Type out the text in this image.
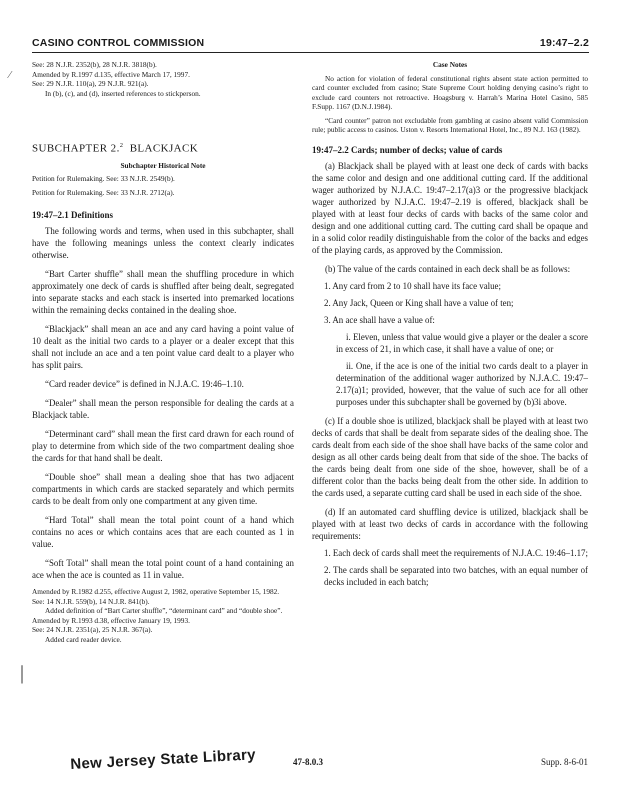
CASINO CONTROL COMMISSION	19:47–2.2
⁄
|

See: 28 N.J.R. 2352(b), 28 N.J.R. 3818(b).

Amended by R.1997 d.135, effective March 17, 1997.

See: 29 N.J.R. 110(a), 29 N.J.R. 921(a).

In (b), (c), and (d), inserted references to stickperson.

SUBCHAPTER 2.$^2$ BLACKJACK

Subchapter Historical Note

Petition for Rulemaking. See: 33 N.J.R. 2549(b).

Petition for Rulemaking. See: 33 N.J.R. 2712(a).

19:47–2.1 Definitions

The following words and terms, when used in this subchapter, shall have the following meanings unless the context clearly indicates otherwise.

“Bart Carter shuffle” shall mean the shuffling procedure in which approximately one deck of cards is shuffled after being dealt, segregated into separate stacks and each stack is inserted into premarked locations within the remaining decks contained in the dealing shoe.

“Blackjack” shall mean an ace and any card having a point value of 10 dealt as the initial two cards to a player or a dealer except that this shall not include an ace and a ten point value card dealt to a player who has split pairs.

“Card reader device” is defined in N.J.A.C. 19:46–1.10.

“Dealer” shall mean the person responsible for dealing the cards at a Blackjack table.

“Determinant card” shall mean the first card drawn for each round of play to determine from which side of the two compartment dealing shoe the cards for that hand shall be dealt.

“Double shoe” shall mean a dealing shoe that has two adjacent compartments in which cards are stacked separately and which permits cards to be dealt from only one compartment at any given time.

“Hard Total” shall mean the total point count of a hand which contains no aces or which contains aces that are each counted as 1 in value.

“Soft Total” shall mean the total point count of a hand containing an ace when the ace is counted as 11 in value.

Amended by R.1982 d.255, effective August 2, 1982, operative September 15, 1982.

See: 14 N.J.R. 559(b), 14 N.J.R. 841(b).

Added definition of “Bart Carter shuffle”, “determinant card” and “double shoe”.

Amended by R.1993 d.38, effective January 19, 1993.

See: 24 N.J.R. 2351(a), 25 N.J.R. 367(a).

Added card reader device.

Case Notes

No action for violation of federal constitutional rights absent state action permitted to card counter excluded from casino; State Supreme Court holding denying casino’s right to exclude card counters not retroactive. Hoagsburg v. Harrah’s Marina Hotel Casino, 585 F.Supp. 1167 (D.N.J.1984).

“Card counter” patron not excludable from gambling at casino absent valid Commission rule; public access to casinos. Uston v. Resorts International Hotel, Inc., 89 N.J. 163 (1982).

19:47–2.2 Cards; number of decks; value of cards

(a) Blackjack shall be played with at least one deck of cards with backs the same color and design and one additional cutting card. If the additional wager authorized by N.J.A.C. 19:47–2.17(a)3 or the progressive blackjack wager authorized by N.J.A.C. 19:47–2.19 is offered, blackjack shall be played with at least four decks of cards with backs of the same color and design and one additional cutting card. The cutting card shall be opaque and in a solid color readily distinguishable from the color of the backs and edges of the playing cards, as approved by the Commission.

(b) The value of the cards contained in each deck shall be as follows:

1. Any card from 2 to 10 shall have its face value;

2. Any Jack, Queen or King shall have a value of ten;

3. An ace shall have a value of:

i. Eleven, unless that value would give a player or the dealer a score in excess of 21, in which case, it shall have a value of one; or

ii. One, if the ace is one of the initial two cards dealt to a player in determination of the additional wager authorized by N.J.A.C. 19:47–2.17(a)1; provided, however, that the value of such ace for all other purposes under this subchapter shall be governed by (b)3i above.

(c) If a double shoe is utilized, blackjack shall be played with at least two decks of cards that shall be dealt from separate sides of the dealing shoe. The cards dealt from each side of the shoe shall have backs of the same color and design as all other cards being dealt from that side of the shoe. The backs of the cards being dealt from one side of the shoe, however, shall be of a different color than the backs being dealt from the other side. In addition to the cards used, a separate cutting card shall be used in each side of the shoe.

(d) If an automated card shuffling device is utilized, blackjack shall be played with at least two decks of cards in accordance with the following requirements:

1. Each deck of cards shall meet the requirements of N.J.A.C. 19:46–1.17;

2. The cards shall be separated into two batches, with an equal number of decks included in each batch;

New Jersey State Library	47-8.0.3	Supp. 8-6-01
